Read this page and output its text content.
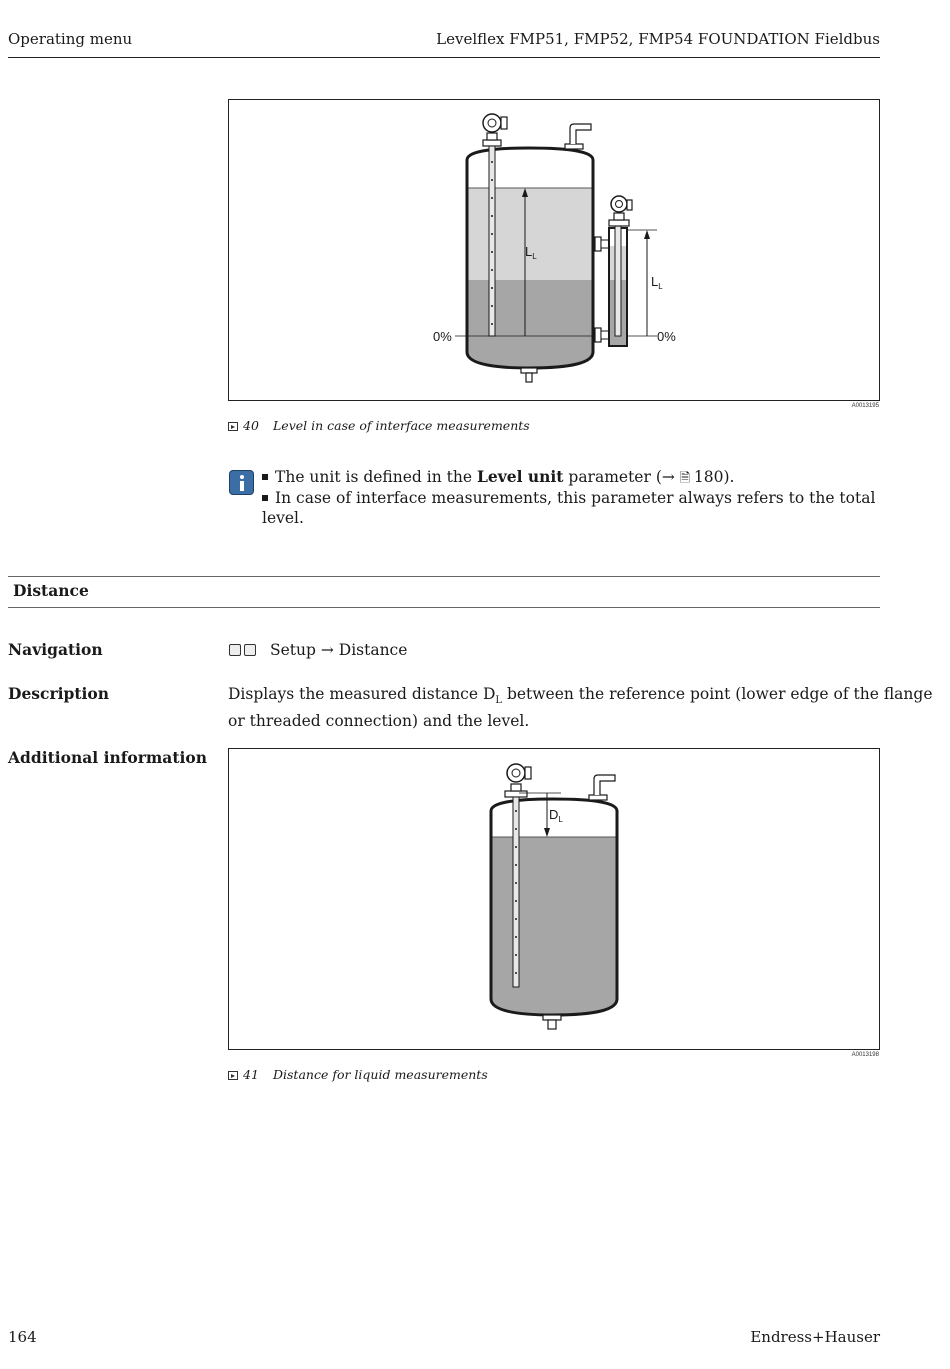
Operating menu	Levelflex FMP51, FMP52, FMP54 FOUNDATION Fieldbus
$L_L$
0%
$L_L$
0%
A0013195
40 Level in case of interface measurements
The unit is defined in the Level unit parameter (→ 🗎 180).
In case of interface measurements, this parameter always refers to the total level.
Distance
Navigation	Setup → Distance
Description	Displays the measured distance $D_L$ between the reference point (lower edge of the flange
or threaded connection) and the level.
Additional information
$D_L$
A0013198
41 Distance for liquid measurements
164	Endress+Hauser
